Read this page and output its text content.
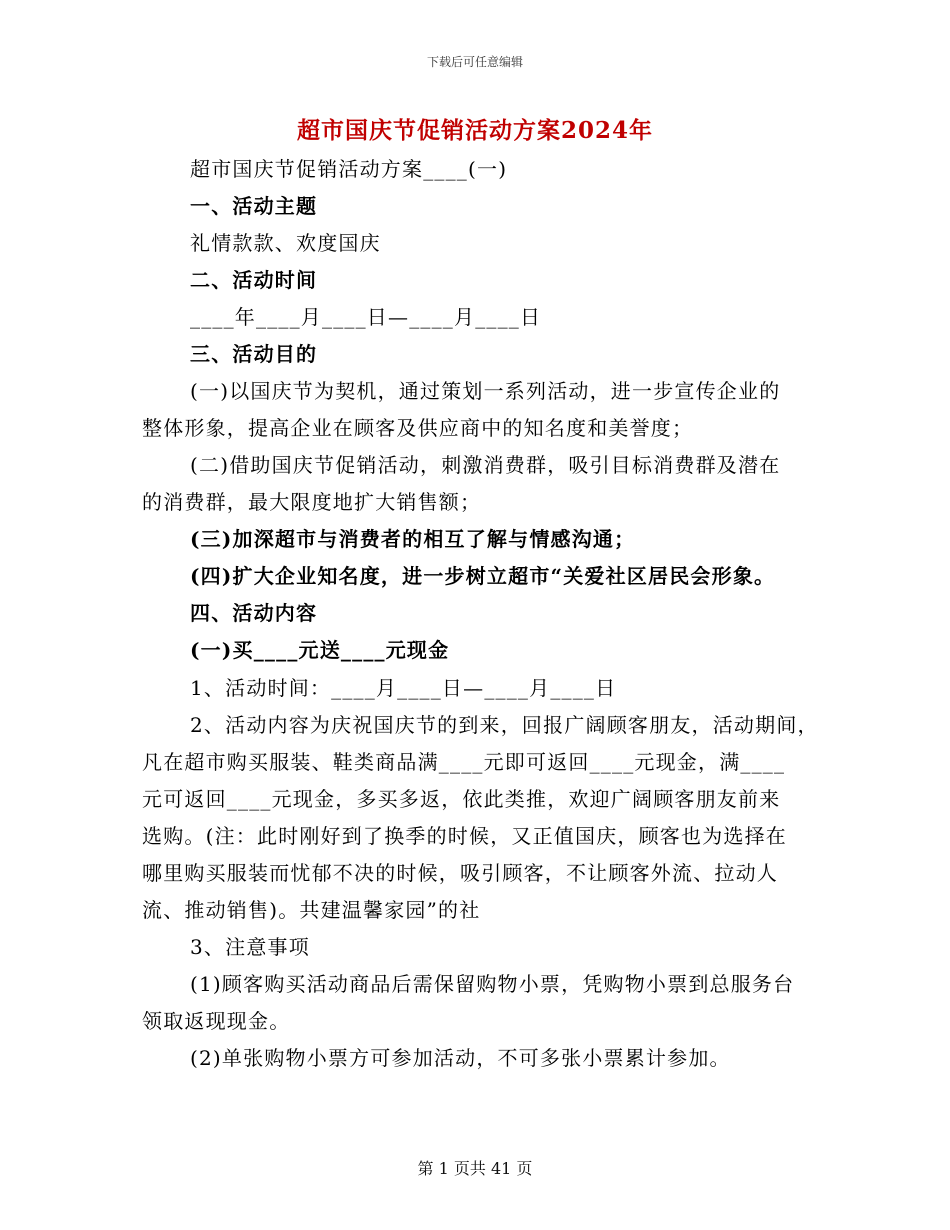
下载后可任意编辑
超市国庆节促销活动方案2024年
超市国庆节促销活动方案____(一)
一、活动主题
礼情款款、欢度国庆
二、活动时间
____年____月____日—____月____日
三、活动目的
(一)以国庆节为契机，通过策划一系列活动，进一步宣传企业的
整体形象，提高企业在顾客及供应商中的知名度和美誉度；
(二)借助国庆节促销活动，刺激消费群，吸引目标消费群及潜在
的消费群，最大限度地扩大销售额；
(三)加深超市与消费者的相互了解与情感沟通；
(四)扩大企业知名度，进一步树立超市“关爱社区居民会形象。
四、活动内容
(一)买____元送____元现金
1、活动时间：____月____日—____月____日
2、活动内容为庆祝国庆节的到来，回报广阔顾客朋友，活动期间，
凡在超市购买服装、鞋类商品满____元即可返回____元现金，满____
元可返回____元现金，多买多返，依此类推，欢迎广阔顾客朋友前来
选购。(注：此时刚好到了换季的时候，又正值国庆，顾客也为选择在
哪里购买服装而忧郁不决的时候，吸引顾客，不让顾客外流、拉动人
流、推动销售)。共建温馨家园”的社
3、注意事项
(1)顾客购买活动商品后需保留购物小票，凭购物小票到总服务台
领取返现现金。
(2)单张购物小票方可参加活动，不可多张小票累计参加。
第 1 页共 41 页
